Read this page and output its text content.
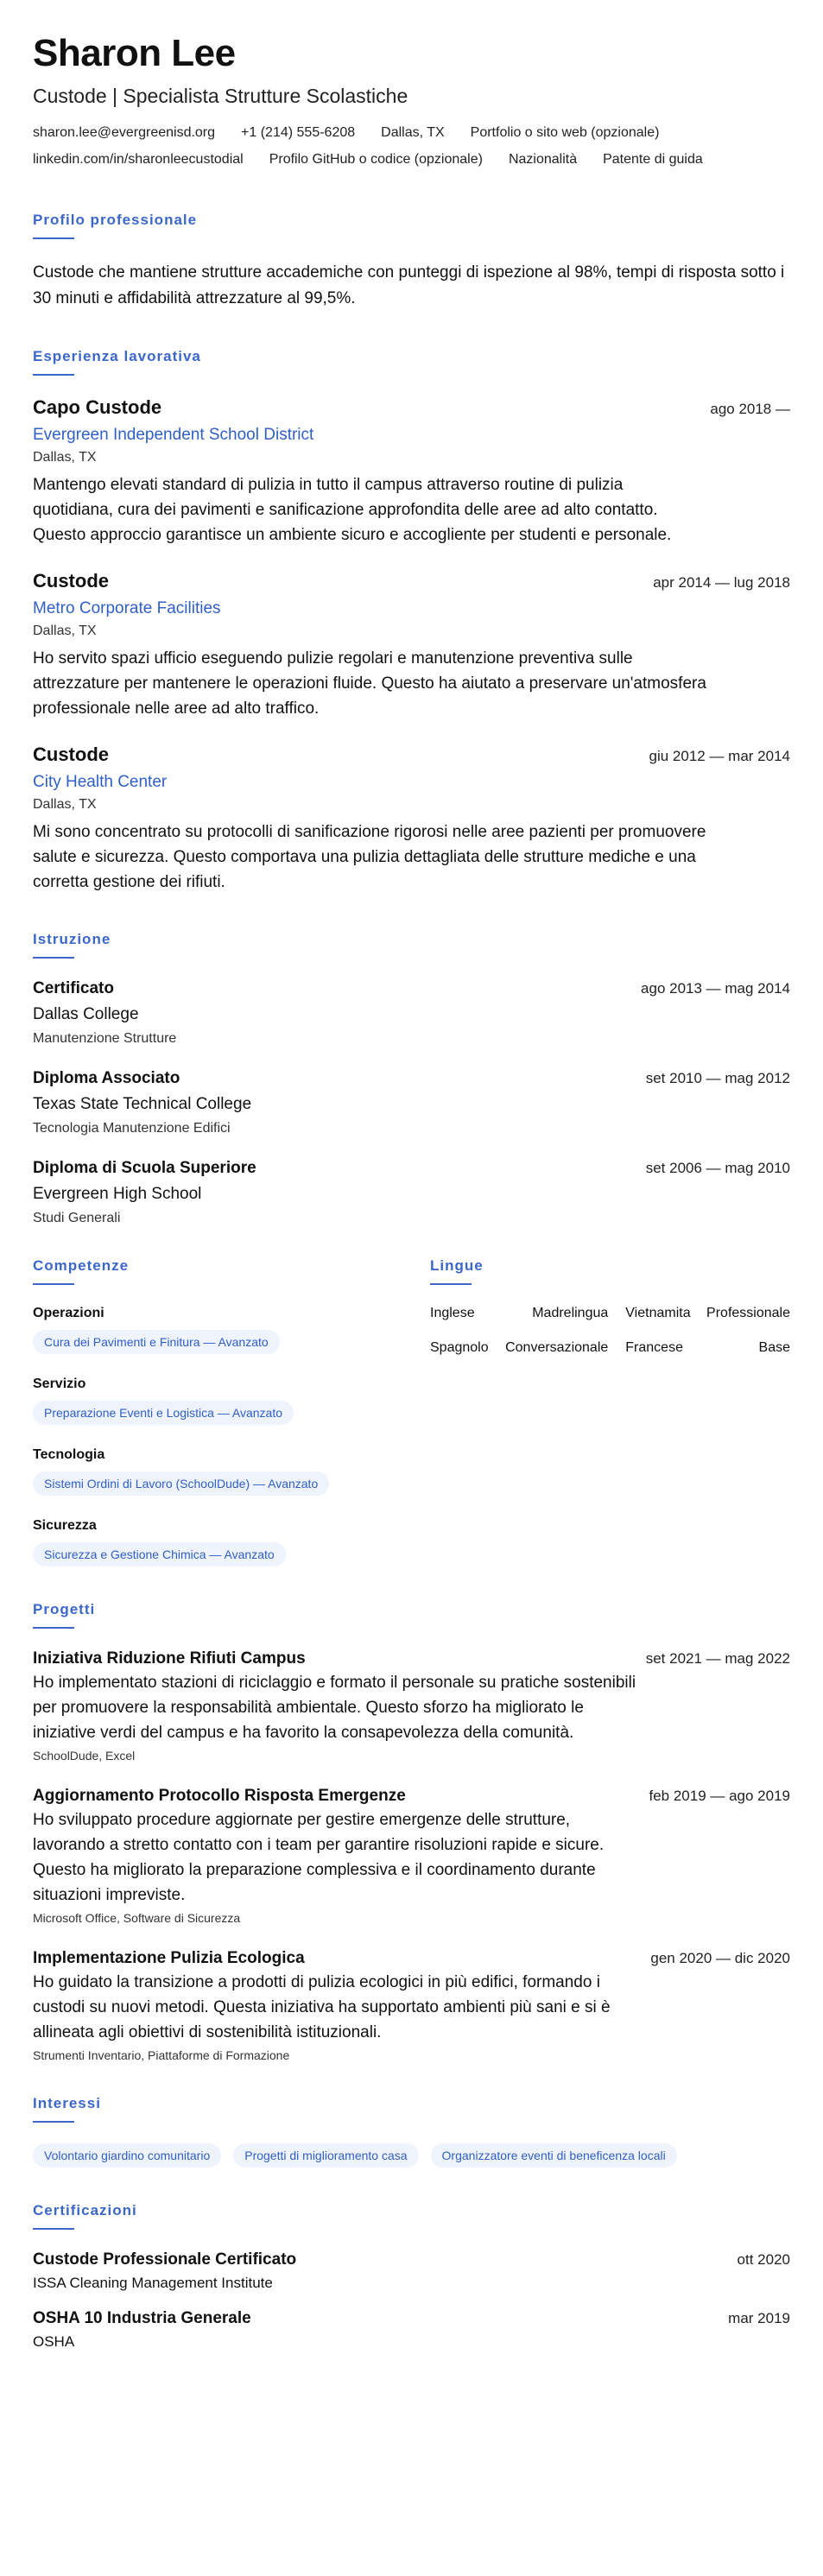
Sharon Lee
Custode | Specialista Strutture Scolastiche
sharon.lee@evergreenisd.org +1 (214) 555-6208 Dallas, TX Portfolio o sito web (opzionale)
linkedin.com/in/sharonleecustodial Profilo GitHub o codice (opzionale) Nazionalità Patente di guida
Profilo professionale
Custode che mantiene strutture accademiche con punteggi di ispezione al 98%, tempi di risposta sotto i 30 minuti e affidabilità attrezzature al 99,5%.
Esperienza lavorativa
Capo Custode	ago 2018 —
Evergreen Independent School District
Dallas, TX
Mantengo elevati standard di pulizia in tutto il campus attraverso routine di pulizia quotidiana, cura dei pavimenti e sanificazione approfondita delle aree ad alto contatto. Questo approccio garantisce un ambiente sicuro e accogliente per studenti e personale.
Custode	apr 2014 — lug 2018
Metro Corporate Facilities
Dallas, TX
Ho servito spazi ufficio eseguendo pulizie regolari e manutenzione preventiva sulle attrezzature per mantenere le operazioni fluide. Questo ha aiutato a preservare un'atmosfera professionale nelle aree ad alto traffico.
Custode	giu 2012 — mar 2014
City Health Center
Dallas, TX
Mi sono concentrato su protocolli di sanificazione rigorosi nelle aree pazienti per promuovere salute e sicurezza. Questo comportava una pulizia dettagliata delle strutture mediche e una corretta gestione dei rifiuti.
Istruzione
Certificato	ago 2013 — mag 2014
Dallas College
Manutenzione Strutture
Diploma Associato	set 2010 — mag 2012
Texas State Technical College
Tecnologia Manutenzione Edifici
Diploma di Scuola Superiore	set 2006 — mag 2010
Evergreen High School
Studi Generali
Competenze
Operazioni
Cura dei Pavimenti e Finitura — Avanzato
Servizio
Preparazione Eventi e Logistica — Avanzato
Tecnologia
Sistemi Ordini di Lavoro (SchoolDude) — Avanzato
Sicurezza
Sicurezza e Gestione Chimica — Avanzato
Lingue
Inglese	Madrelingua	Vietnamita	Professionale
Spagnolo	Conversazionale	Francese	Base
Progetti
Iniziativa Riduzione Rifiuti Campus	set 2021 — mag 2022
Ho implementato stazioni di riciclaggio e formato il personale su pratiche sostenibili per promuovere la responsabilità ambientale. Questo sforzo ha migliorato le iniziative verdi del campus e ha favorito la consapevolezza della comunità.
SchoolDude, Excel
Aggiornamento Protocollo Risposta Emergenze	feb 2019 — ago 2019
Ho sviluppato procedure aggiornate per gestire emergenze delle strutture, lavorando a stretto contatto con i team per garantire risoluzioni rapide e sicure. Questo ha migliorato la preparazione complessiva e il coordinamento durante situazioni impreviste.
Microsoft Office, Software di Sicurezza
Implementazione Pulizia Ecologica	gen 2020 — dic 2020
Ho guidato la transizione a prodotti di pulizia ecologici in più edifici, formando i custodi su nuovi metodi. Questa iniziativa ha supportato ambienti più sani e si è allineata agli obiettivi di sostenibilità istituzionali.
Strumenti Inventario, Piattaforme di Formazione
Interessi
Volontario giardino comunitario	Progetti di miglioramento casa	Organizzatore eventi di beneficenza locali
Certificazioni
Custode Professionale Certificato	ott 2020
ISSA Cleaning Management Institute
OSHA 10 Industria Generale	mar 2019
OSHA
